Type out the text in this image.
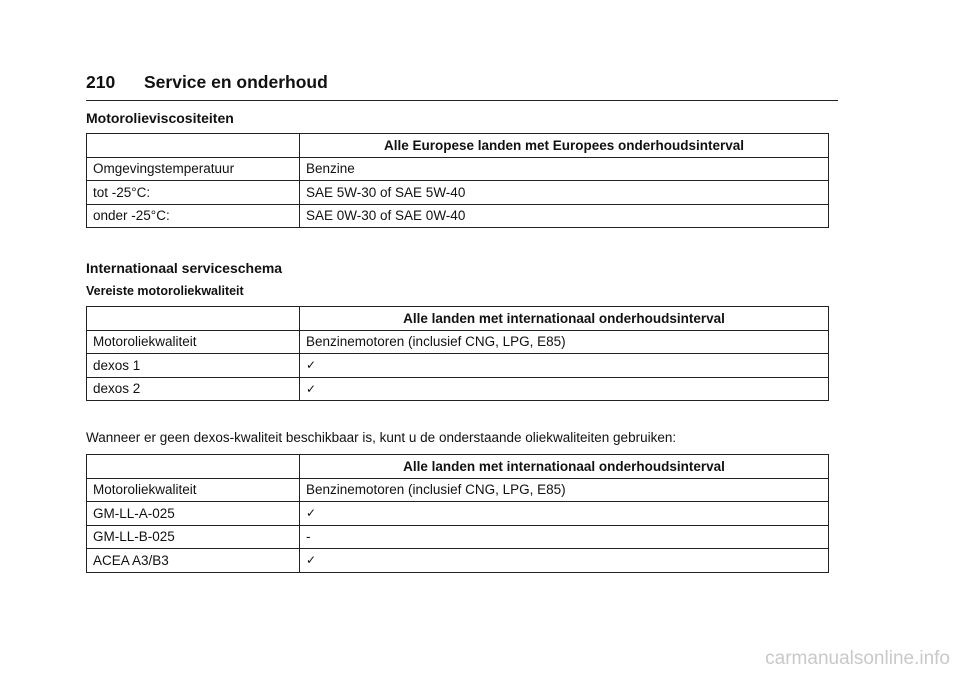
210 Service en onderhoud
Motorolieviscositeiten
	Alle Europese landen met Europees onderhoudsinterval
Omgevingstemperatuur	Benzine
tot -25°C:	SAE 5W-30 of SAE 5W-40
onder -25°C:	SAE 0W-30 of SAE 0W-40
Internationaal serviceschema
Vereiste motoroliekwaliteit
	Alle landen met internationaal onderhoudsinterval
Motoroliekwaliteit	Benzinemotoren (inclusief CNG, LPG, E85)
dexos 1	✓
dexos 2	✓
Wanneer er geen dexos-kwaliteit beschikbaar is, kunt u de onderstaande oliekwaliteiten gebruiken:
	Alle landen met internationaal onderhoudsinterval
Motoroliekwaliteit	Benzinemotoren (inclusief CNG, LPG, E85)
GM-LL-A-025	✓
GM-LL-B-025	-
ACEA A3/B3	✓
carmanualsonline.info
